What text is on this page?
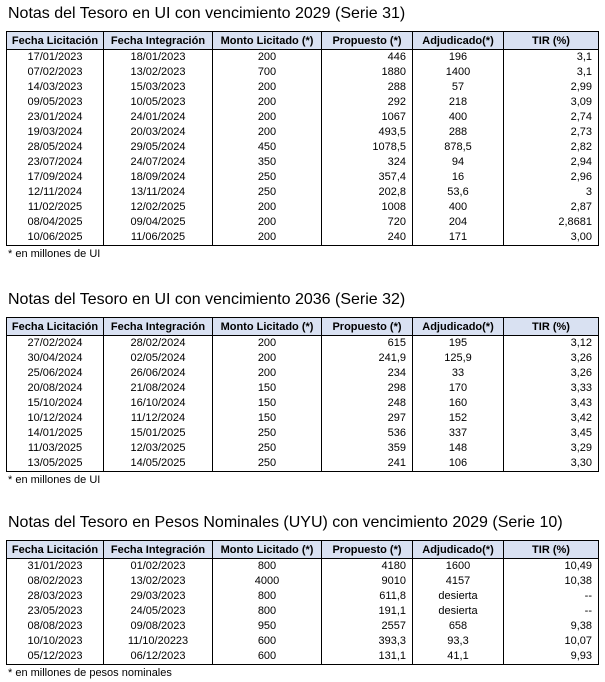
Notas del Tesoro en UI con vencimiento 2029 (Serie 31)
Fecha Licitación	Fecha Integración	Monto Licitado (*)	Propuesto (*)	Adjudicado(*)	TIR (%)
17/01/2023	18/01/2023	200	446	196	3,1
07/02/2023	13/02/2023	700	1880	1400	3,1
14/03/2023	15/03/2023	200	288	57	2,99
09/05/2023	10/05/2023	200	292	218	3,09
23/01/2024	24/01/2024	200	1067	400	2,74
19/03/2024	20/03/2024	200	493,5	288	2,73
28/05/2024	29/05/2024	450	1078,5	878,5	2,82
23/07/2024	24/07/2024	350	324	94	2,94
17/09/2024	18/09/2024	250	357,4	16	2,96
12/11/2024	13/11/2024	250	202,8	53,6	3
11/02/2025	12/02/2025	200	1008	400	2,87
08/04/2025	09/04/2025	200	720	204	2,8681
10/06/2025	11/06/2025	200	240	171	3,00
* en millones de UI
Notas del Tesoro en UI con vencimiento 2036 (Serie 32)
Fecha Licitación	Fecha Integración	Monto Licitado (*)	Propuesto (*)	Adjudicado(*)	TIR (%)
27/02/2024	28/02/2024	200	615	195	3,12
30/04/2024	02/05/2024	200	241,9	125,9	3,26
25/06/2024	26/06/2024	200	234	33	3,26
20/08/2024	21/08/2024	150	298	170	3,33
15/10/2024	16/10/2024	150	248	160	3,43
10/12/2024	11/12/2024	150	297	152	3,42
14/01/2025	15/01/2025	250	536	337	3,45
11/03/2025	12/03/2025	250	359	148	3,29
13/05/2025	14/05/2025	250	241	106	3,30
* en millones de UI
Notas del Tesoro en Pesos Nominales (UYU) con vencimiento 2029 (Serie 10)
Fecha Licitación	Fecha Integración	Monto Licitado (*)	Propuesto (*)	Adjudicado(*)	TIR (%)
31/01/2023	01/02/2023	800	4180	1600	10,49
08/02/2023	13/02/2023	4000	9010	4157	10,38
28/03/2023	29/03/2023	800	611,8	desierta	--
23/05/2023	24/05/2023	800	191,1	desierta	--
08/08/2023	09/08/2023	950	2557	658	9,38
10/10/2023	11/10/20223	600	393,3	93,3	10,07
05/12/2023	06/12/2023	600	131,1	41,1	9,93
* en millones de pesos nominales
